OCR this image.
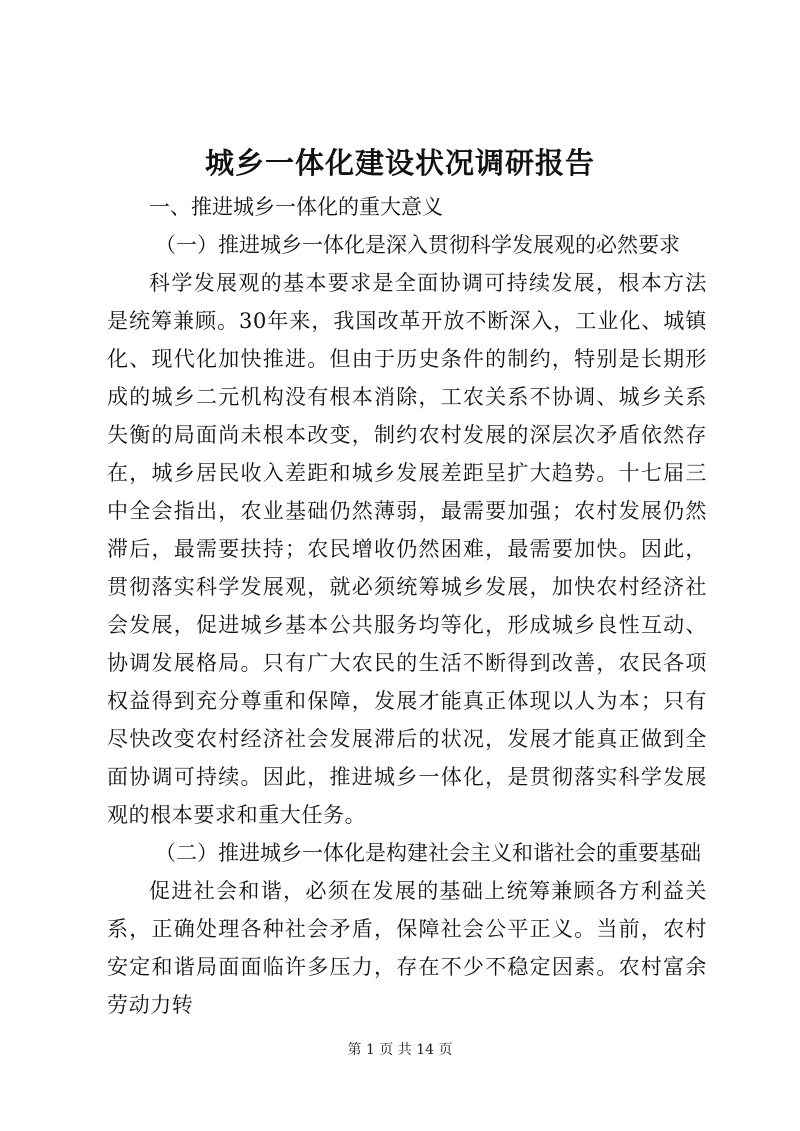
城乡一体化建设状况调研报告

一、推进城乡一体化的重大意义

（一）推进城乡一体化是深入贯彻科学发展观的必然要求

科学发展观的基本要求是全面协调可持续发展，根本方法是统筹兼顾。30年来，我国改革开放不断深入，工业化、城镇化、现代化加快推进。但由于历史条件的制约，特别是长期形成的城乡二元机构没有根本消除，工农关系不协调、城乡关系失衡的局面尚未根本改变，制约农村发展的深层次矛盾依然存在，城乡居民收入差距和城乡发展差距呈扩大趋势。十七届三中全会指出，农业基础仍然薄弱，最需要加强；农村发展仍然滞后，最需要扶持；农民增收仍然困难，最需要加快。因此，贯彻落实科学发展观，就必须统筹城乡发展，加快农村经济社会发展，促进城乡基本公共服务均等化，形成城乡良性互动、协调发展格局。只有广大农民的生活不断得到改善，农民各项权益得到充分尊重和保障，发展才能真正体现以人为本；只有尽快改变农村经济社会发展滞后的状况，发展才能真正做到全面协调可持续。因此，推进城乡一体化，是贯彻落实科学发展观的根本要求和重大任务。

（二）推进城乡一体化是构建社会主义和谐社会的重要基础

促进社会和谐，必须在发展的基础上统筹兼顾各方利益关系，正确处理各种社会矛盾，保障社会公平正义。当前，农村安定和谐局面面临许多压力，存在不少不稳定因素。农村富余劳动力转

第 1 页 共 14 页
